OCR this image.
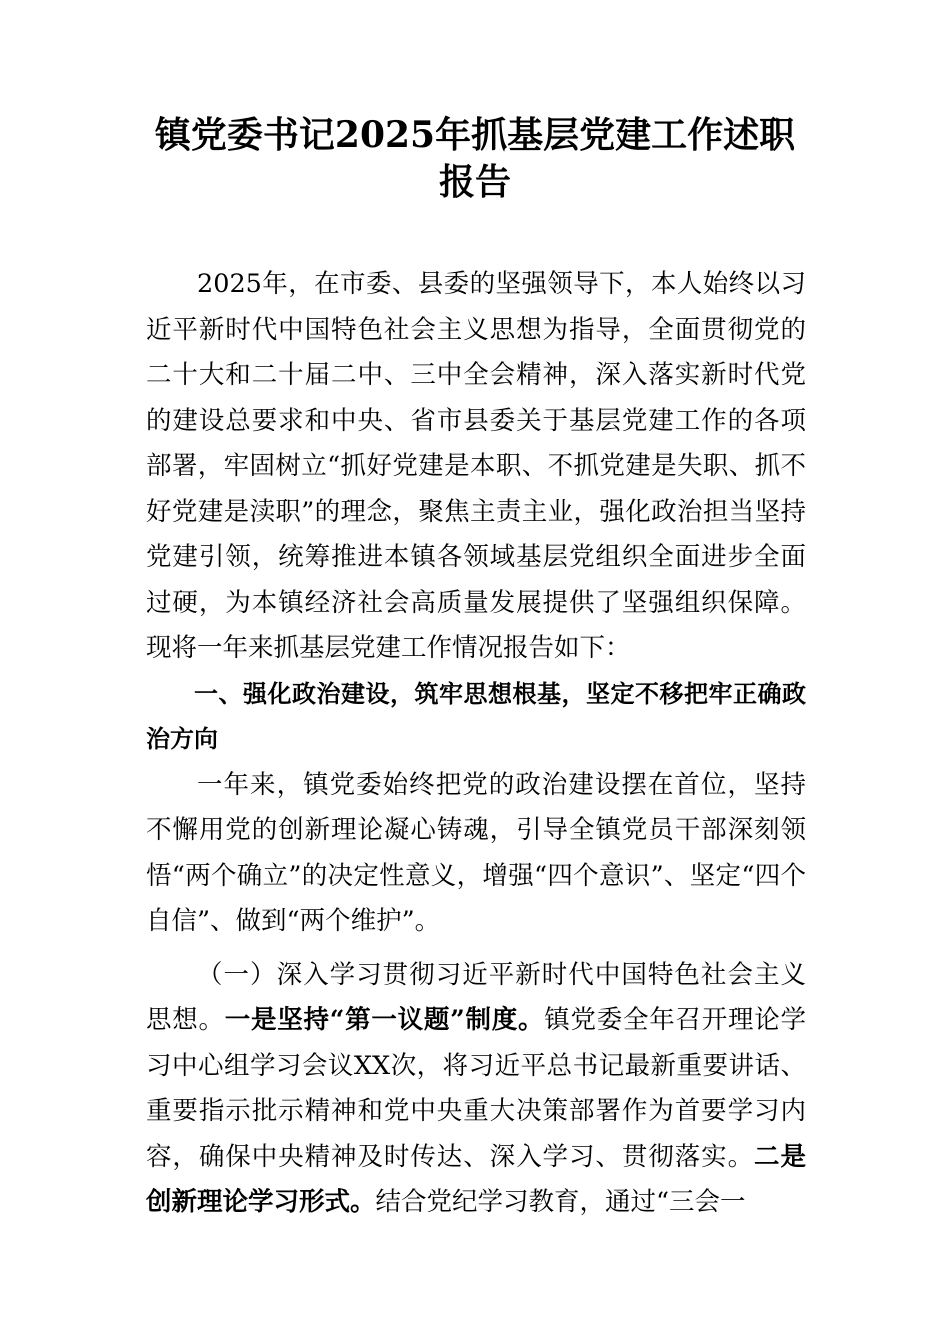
镇党委书记2025年抓基层党建工作述职报告

2025年，在市委、县委的坚强领导下，本人始终以习近平新时代中国特色社会主义思想为指导，全面贯彻党的二十大和二十届二中、三中全会精神，深入落实新时代党的建设总要求和中央、省市县委关于基层党建工作的各项部署，牢固树立“抓好党建是本职、不抓党建是失职、抓不好党建是渎职”的理念，聚焦主责主业，强化政治担当坚持党建引领，统筹推进本镇各领域基层党组织全面进步全面过硬，为本镇经济社会高质量发展提供了坚强组织保障。现将一年来抓基层党建工作情况报告如下：

一、强化政治建设，筑牢思想根基，坚定不移把牢正确政治方向

一年来，镇党委始终把党的政治建设摆在首位，坚持不懈用党的创新理论凝心铸魂，引导全镇党员干部深刻领悟“两个确立”的决定性意义，增强“四个意识”、坚定“四个自信”、做到“两个维护”。

（一）深入学习贯彻习近平新时代中国特色社会主义思想。一是坚持“第一议题”制度。镇党委全年召开理论学习中心组学习会议XX次，将习近平总书记最新重要讲话、重要指示批示精神和党中央重大决策部署作为首要学习内容，确保中央精神及时传达、深入学习、贯彻落实。二是创新理论学习形式。结合党纪学习教育，通过“三会一
